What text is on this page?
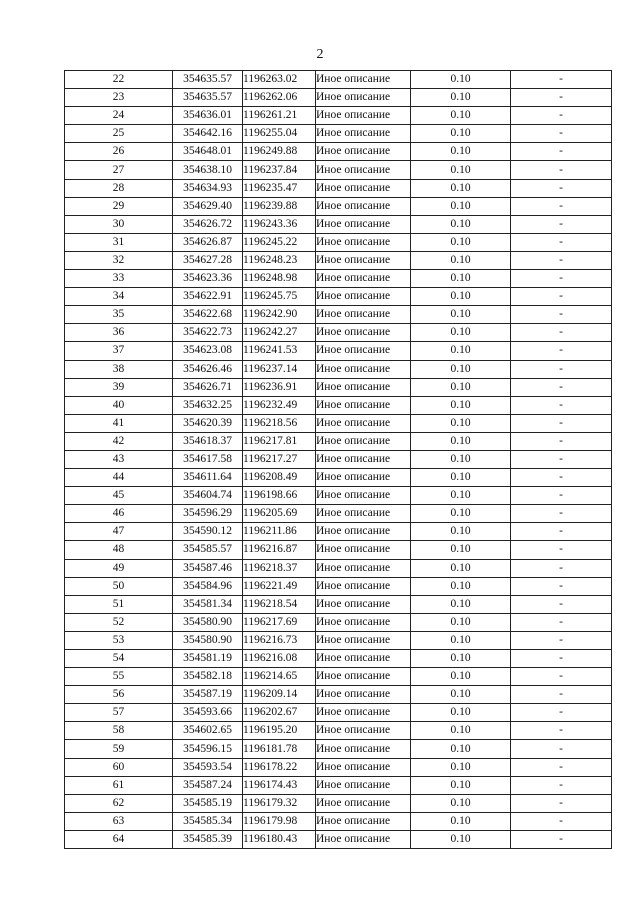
2
22	354635.57	1196263.02	Иное описание	0.10	-
23	354635.57	1196262.06	Иное описание	0.10	-
24	354636.01	1196261.21	Иное описание	0.10	-
25	354642.16	1196255.04	Иное описание	0.10	-
26	354648.01	1196249.88	Иное описание	0.10	-
27	354638.10	1196237.84	Иное описание	0.10	-
28	354634.93	1196235.47	Иное описание	0.10	-
29	354629.40	1196239.88	Иное описание	0.10	-
30	354626.72	1196243.36	Иное описание	0.10	-
31	354626.87	1196245.22	Иное описание	0.10	-
32	354627.28	1196248.23	Иное описание	0.10	-
33	354623.36	1196248.98	Иное описание	0.10	-
34	354622.91	1196245.75	Иное описание	0.10	-
35	354622.68	1196242.90	Иное описание	0.10	-
36	354622.73	1196242.27	Иное описание	0.10	-
37	354623.08	1196241.53	Иное описание	0.10	-
38	354626.46	1196237.14	Иное описание	0.10	-
39	354626.71	1196236.91	Иное описание	0.10	-
40	354632.25	1196232.49	Иное описание	0.10	-
41	354620.39	1196218.56	Иное описание	0.10	-
42	354618.37	1196217.81	Иное описание	0.10	-
43	354617.58	1196217.27	Иное описание	0.10	-
44	354611.64	1196208.49	Иное описание	0.10	-
45	354604.74	1196198.66	Иное описание	0.10	-
46	354596.29	1196205.69	Иное описание	0.10	-
47	354590.12	1196211.86	Иное описание	0.10	-
48	354585.57	1196216.87	Иное описание	0.10	-
49	354587.46	1196218.37	Иное описание	0.10	-
50	354584.96	1196221.49	Иное описание	0.10	-
51	354581.34	1196218.54	Иное описание	0.10	-
52	354580.90	1196217.69	Иное описание	0.10	-
53	354580.90	1196216.73	Иное описание	0.10	-
54	354581.19	1196216.08	Иное описание	0.10	-
55	354582.18	1196214.65	Иное описание	0.10	-
56	354587.19	1196209.14	Иное описание	0.10	-
57	354593.66	1196202.67	Иное описание	0.10	-
58	354602.65	1196195.20	Иное описание	0.10	-
59	354596.15	1196181.78	Иное описание	0.10	-
60	354593.54	1196178.22	Иное описание	0.10	-
61	354587.24	1196174.43	Иное описание	0.10	-
62	354585.19	1196179.32	Иное описание	0.10	-
63	354585.34	1196179.98	Иное описание	0.10	-
64	354585.39	1196180.43	Иное описание	0.10	-
